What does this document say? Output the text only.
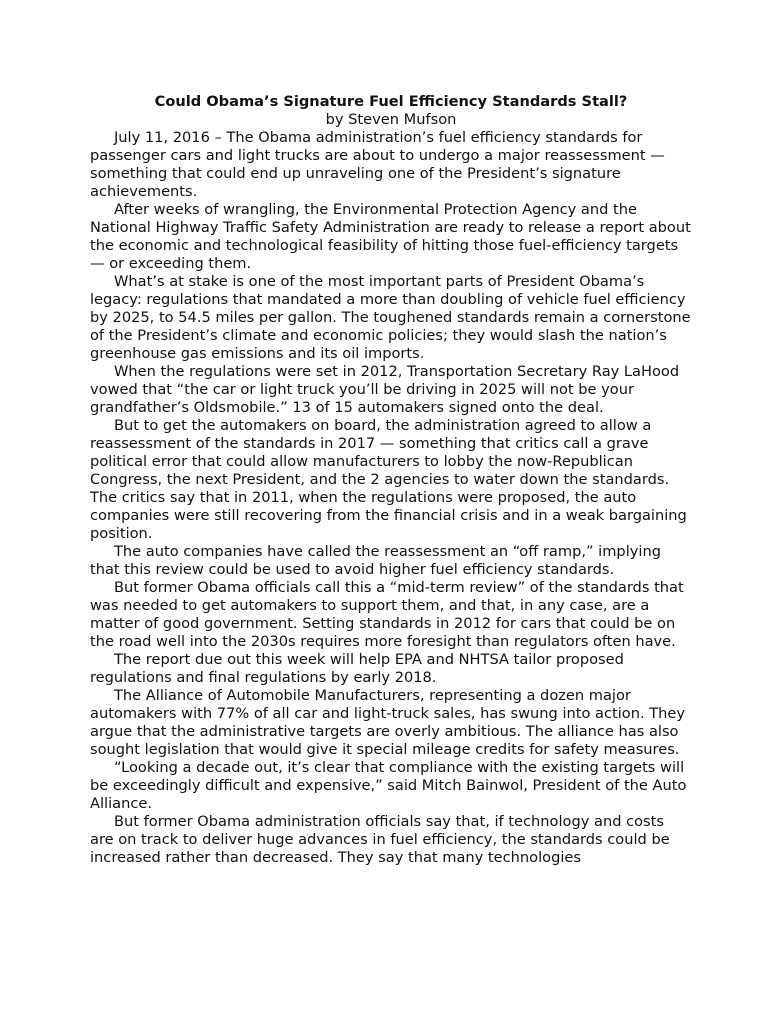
Could Obama’s Signature Fuel Efficiency Standards Stall?
by Steven Mufson

July 11, 2016 – The Obama administration’s fuel efficiency standards for passenger cars and light trucks are about to undergo a major reassessment — something that could end up unraveling one of the President’s signature achievements.

After weeks of wrangling, the Environmental Protection Agency and the National Highway Traffic Safety Administration are ready to release a report about the economic and technological feasibility of hitting those fuel-efficiency targets — or exceeding them.

What’s at stake is one of the most important parts of President Obama’s legacy: regulations that mandated a more than doubling of vehicle fuel efficiency by 2025, to 54.5 miles per gallon. The toughened standards remain a cornerstone of the President’s climate and economic policies; they would slash the nation’s greenhouse gas emissions and its oil imports.

When the regulations were set in 2012, Transportation Secretary Ray LaHood vowed that “the car or light truck you’ll be driving in 2025 will not be your grandfather’s Oldsmobile.” 13 of 15 automakers signed onto the deal.

But to get the automakers on board, the administration agreed to allow a reassessment of the standards in 2017 — something that critics call a grave political error that could allow manufacturers to lobby the now-Republican Congress, the next President, and the 2 agencies to water down the standards. The critics say that in 2011, when the regulations were proposed, the auto companies were still recovering from the financial crisis and in a weak bargaining position.

The auto companies have called the reassessment an “off ramp,” implying that this review could be used to avoid higher fuel efficiency standards.

But former Obama officials call this a “mid-term review” of the standards that was needed to get automakers to support them, and that, in any case, are a matter of good government. Setting standards in 2012 for cars that could be on the road well into the 2030s requires more foresight than regulators often have.

The report due out this week will help EPA and NHTSA tailor proposed regulations and final regulations by early 2018.

The Alliance of Automobile Manufacturers, representing a dozen major automakers with 77% of all car and light-truck sales, has swung into action. They argue that the administrative targets are overly ambitious. The alliance has also sought legislation that would give it special mileage credits for safety measures.

“Looking a decade out, it’s clear that compliance with the existing targets will be exceedingly difficult and expensive,” said Mitch Bainwol, President of the Auto Alliance.

But former Obama administration officials say that, if technology and costs are on track to deliver huge advances in fuel efficiency, the standards could be increased rather than decreased. They say that many technologies
